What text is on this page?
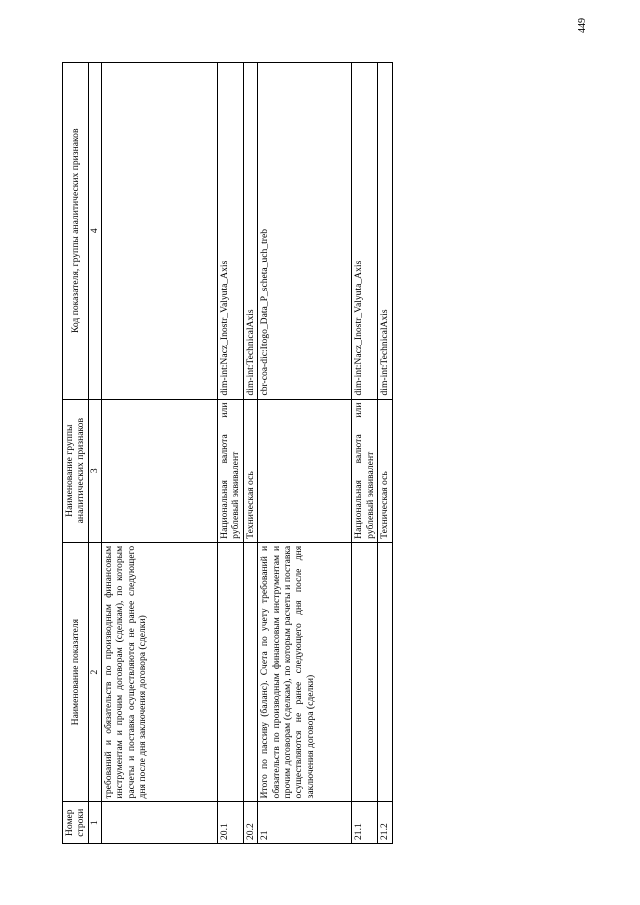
449
Номер строки	Наименование показателя	Наименование группы аналитических признаков	Код показателя, группы аналитических признаков
1	2	3	4
	требований и обязательств по производным финансовым инструментам и прочим договорам (сделкам), по которым расчеты и поставка осуществляются не ранее следующего дня после дня заключения договора (сделки)		
20.1		Национальная валюта или рублевый эквивалент	dim-int:Nacz_Inostr_Valyuta_Axis
20.2		Техническая ось	dim-int:TechnicalAxis
21	Итого по пассиву (баланс). Счета по учету требований и обязательств по производным финансовым инструментам и прочим договорам (сделкам), по которым расчеты и поставка осуществляются не ранее следующего дня после дня заключения договора (сделки)		cbr-coa-dic:Itogo_Data_P_scheta_uch_treb
21.1		Национальная валюта или рублевый эквивалент	dim-int:Nacz_Inostr_Valyuta_Axis
21.2		Техническая ось	dim-int:TechnicalAxis
